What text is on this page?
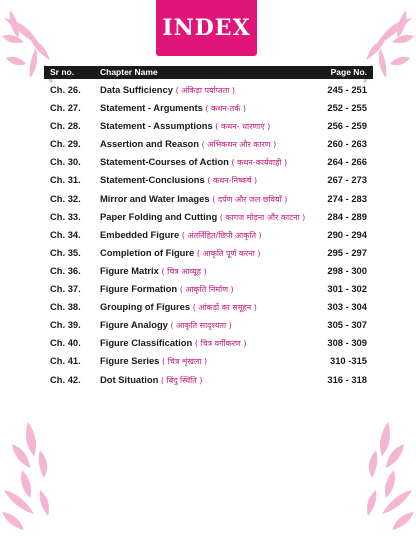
INDEX
Sr no.	Chapter Name	Page No.
Ch. 26. Data Sufficiency ( अंकिड़ा पर्याप्तता )	245 - 251
Ch. 27. Statement - Arguments ( कथन-तर्क )	252 - 255
Ch. 28. Statement - Assumptions ( कथन- धारणाएं )	256 - 259
Ch. 29. Assertion and Reason ( अभिकथन और कारण )	260 - 263
Ch. 30. Statement-Courses of Action ( कथन-कार्यवाही )	264 - 266
Ch. 31. Statement-Conclusions ( कथन-निष्कर्ष )	267 - 273
Ch. 32. Mirror and Water Images ( दर्पण और जल छवियाँ )	274 - 283
Ch. 33. Paper Folding and Cutting ( कागज मोड़ना और काटना ) 284 - 289
Ch. 34. Embedded Figure ( अंतर्निहित/छिपी आकृति )	290 - 294
Ch. 35. Completion of Figure ( आकृति पूर्ण करना )	295 - 297
Ch. 36. Figure Matrix ( चित्र आव्यूह )	298 - 300
Ch. 37. Figure Formation ( आकृति निर्माण )	301 - 302
Ch. 38. Grouping of Figures ( आंकड़ों का समूहन )	303 - 304
Ch. 39. Figure Analogy ( आकृति सादृश्यता )	305 - 307
Ch. 40. Figure Classification ( चित्र वर्गीकरण )	308 - 309
Ch. 41. Figure Series ( चित्र शृंखला )	310 -315
Ch. 42. Dot Situation ( बिंदु स्थिति )	316 - 318
